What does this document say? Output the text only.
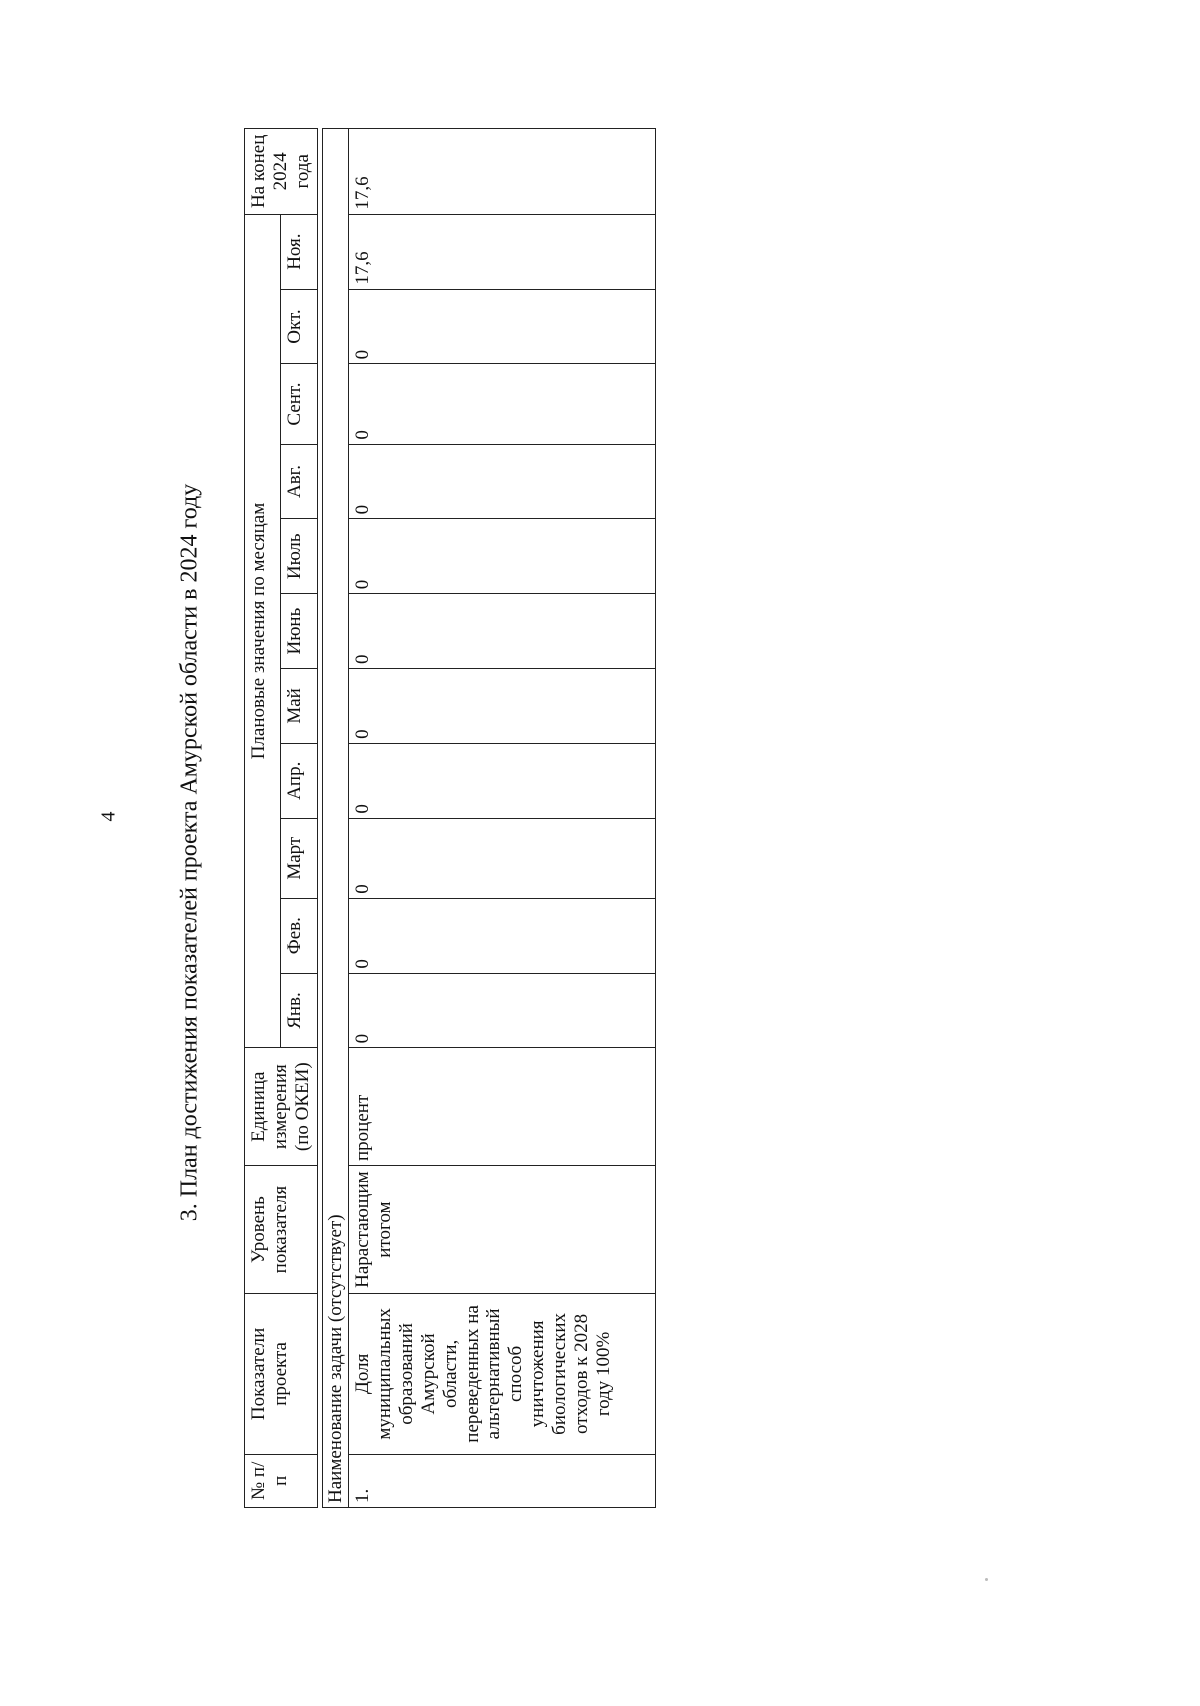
4 3. План достижения показателей проекта Амурской области в 2024 году
№ п/п	Показатели проекта	Уровень показателя	Единица измерения (по ОКЕИ)	Плановые значения по месяцам											На конец 2024 года
				Янв.	Фев.	Март	Апр.	Май	Июнь	Июль	Авг.	Сент.	Окт.	Ноя.	

Наименование задачи (отсутствует)															
1.	Доля муниципальных образований Амурской области, переведенных на альтернативный способ уничтожения биологических отходов к 2028 году 100%	Нарастающим итогом	процент	0	0	0	0	0	0	0	0	0	0	17,6	17,6
